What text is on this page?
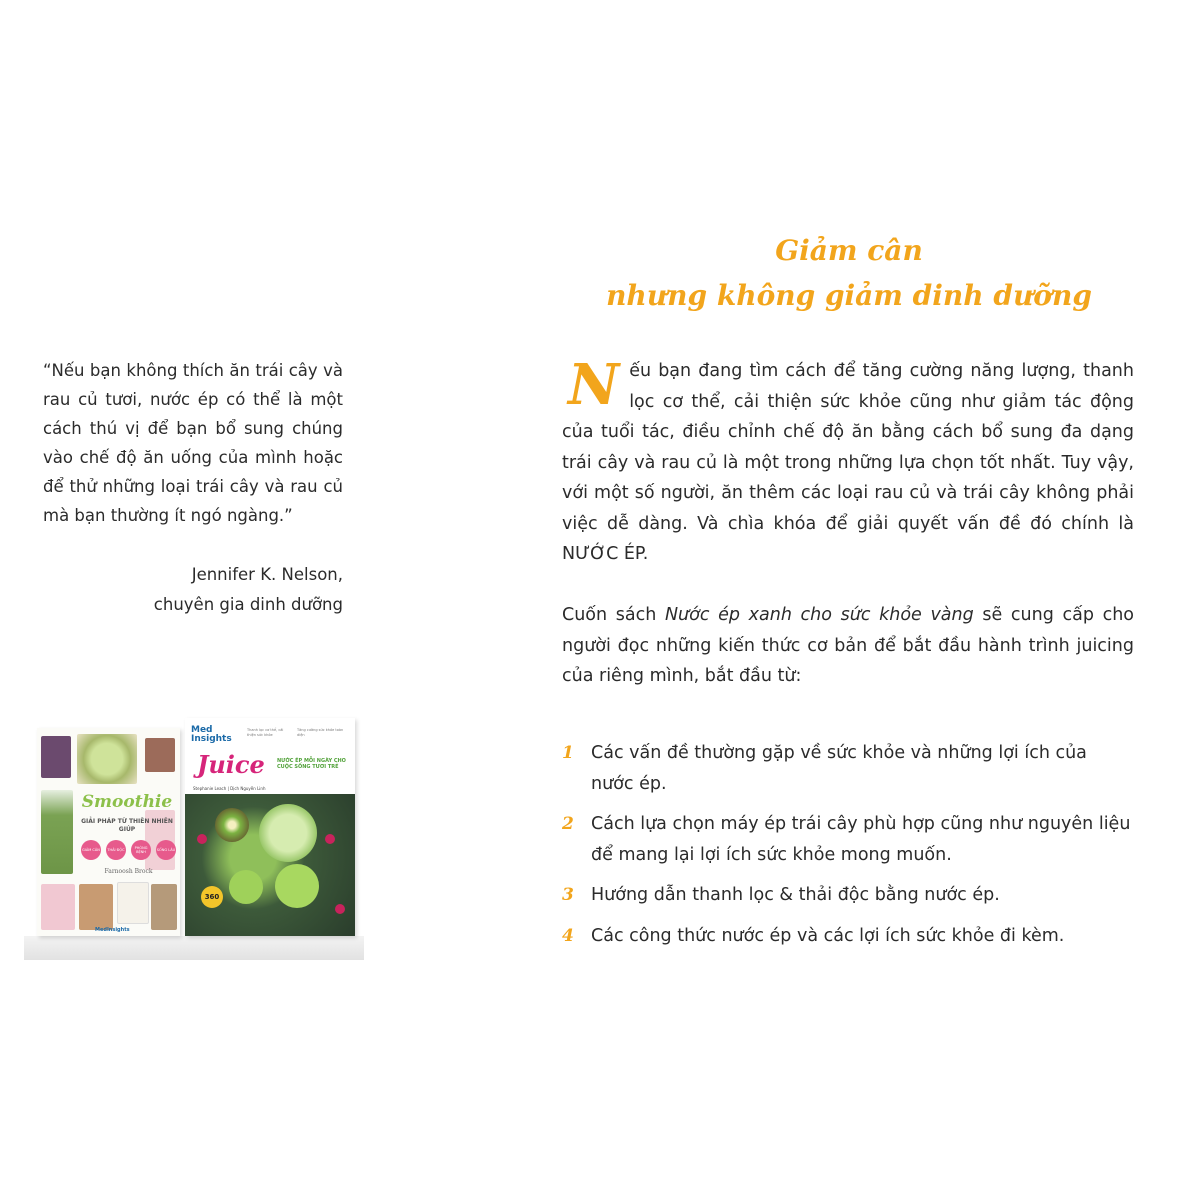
“Nếu bạn không thích ăn trái cây và rau củ tươi, nước ép có thể là một cách thú vị để bạn bổ sung chúng vào chế độ ăn uống của mình hoặc để thử những loại trái cây và rau củ mà bạn thường ít ngó ngàng.”

Jennifer K. Nelson,
chuyên gia dinh dưỡng
Smoothie
GIẢI PHÁP TỪ THIÊN NHIÊN GIÚP
GIẢM CÂN	THẢI ĐỘC
PHÒNG BỆNH
SỐNG LÂU
Farnoosh Brock
MedInsights
Med
Insights
Thanh lọc cơ thể, cải thiện sức khỏe
Tăng cường sức khỏe toàn diện
Juice NƯỚC ÉP MỖI NGÀY CHO CUỘC SỐNG TƯƠI TRẺ
Stephanie Leach | Dịch Nguyễn Linh
360
Giảm cân
nhưng không giảm dinh dưỡng

Nếu bạn đang tìm cách để tăng cường năng lượng, thanh lọc cơ thể, cải thiện sức khỏe cũng như giảm tác động của tuổi tác, điều chỉnh chế độ ăn bằng cách bổ sung đa dạng trái cây và rau củ là một trong những lựa chọn tốt nhất. Tuy vậy, với một số người, ăn thêm các loại rau củ và trái cây không phải việc dễ dàng. Và chìa khóa để giải quyết vấn đề đó chính là NƯỚC ÉP.

Cuốn sách Nước ép xanh cho sức khỏe vàng sẽ cung cấp cho người đọc những kiến thức cơ bản để bắt đầu hành trình juicing của riêng mình, bắt đầu từ:

1 Các vấn đề thường gặp về sức khỏe và những lợi ích của nước ép.
2 Cách lựa chọn máy ép trái cây phù hợp cũng như nguyên liệu để mang lại lợi ích sức khỏe mong muốn.
3 Hướng dẫn thanh lọc & thải độc bằng nước ép.
4 Các công thức nước ép và các lợi ích sức khỏe đi kèm.
